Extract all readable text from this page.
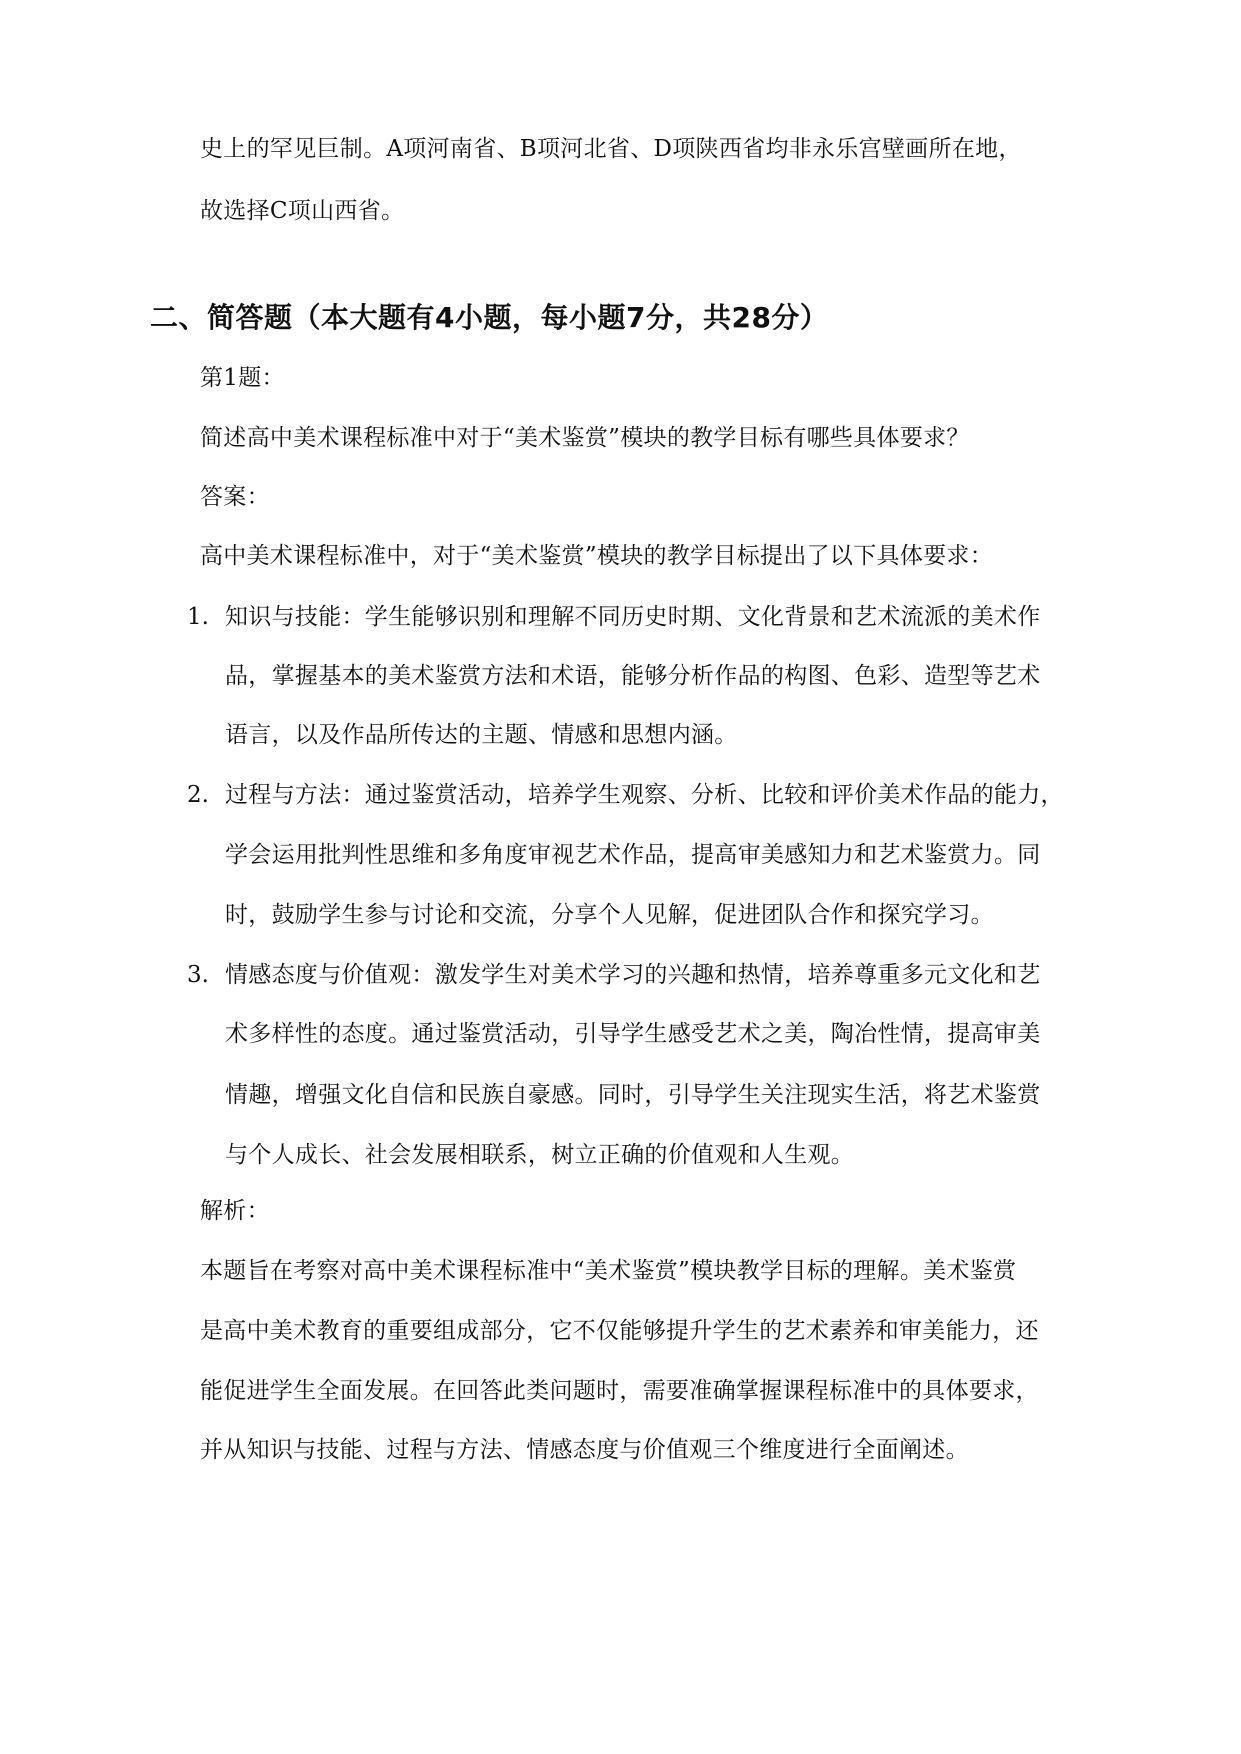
史上的罕见巨制。A项河南省、B项河北省、D项陕西省均非永乐宫壁画所在地，
故选择C项山西省。
二、简答题（本大题有4小题，每小题7分，共28分）
第1题：
简述高中美术课程标准中对于“美术鉴赏”模块的教学目标有哪些具体要求？
答案：
高中美术课程标准中，对于“美术鉴赏”模块的教学目标提出了以下具体要求：
1. 知识与技能：学生能够识别和理解不同历史时期、文化背景和艺术流派的美术作
品，掌握基本的美术鉴赏方法和术语，能够分析作品的构图、色彩、造型等艺术
语言，以及作品所传达的主题、情感和思想内涵。
2. 过程与方法：通过鉴赏活动，培养学生观察、分析、比较和评价美术作品的能力，
学会运用批判性思维和多角度审视艺术作品，提高审美感知力和艺术鉴赏力。同
时，鼓励学生参与讨论和交流，分享个人见解，促进团队合作和探究学习。
3. 情感态度与价值观：激发学生对美术学习的兴趣和热情，培养尊重多元文化和艺
术多样性的态度。通过鉴赏活动，引导学生感受艺术之美，陶冶性情，提高审美
情趣，增强文化自信和民族自豪感。同时，引导学生关注现实生活，将艺术鉴赏
与个人成长、社会发展相联系，树立正确的价值观和人生观。
解析：
本题旨在考察对高中美术课程标准中“美术鉴赏”模块教学目标的理解。美术鉴赏
是高中美术教育的重要组成部分，它不仅能够提升学生的艺术素养和审美能力，还
能促进学生全面发展。在回答此类问题时，需要准确掌握课程标准中的具体要求，
并从知识与技能、过程与方法、情感态度与价值观三个维度进行全面阐述。
